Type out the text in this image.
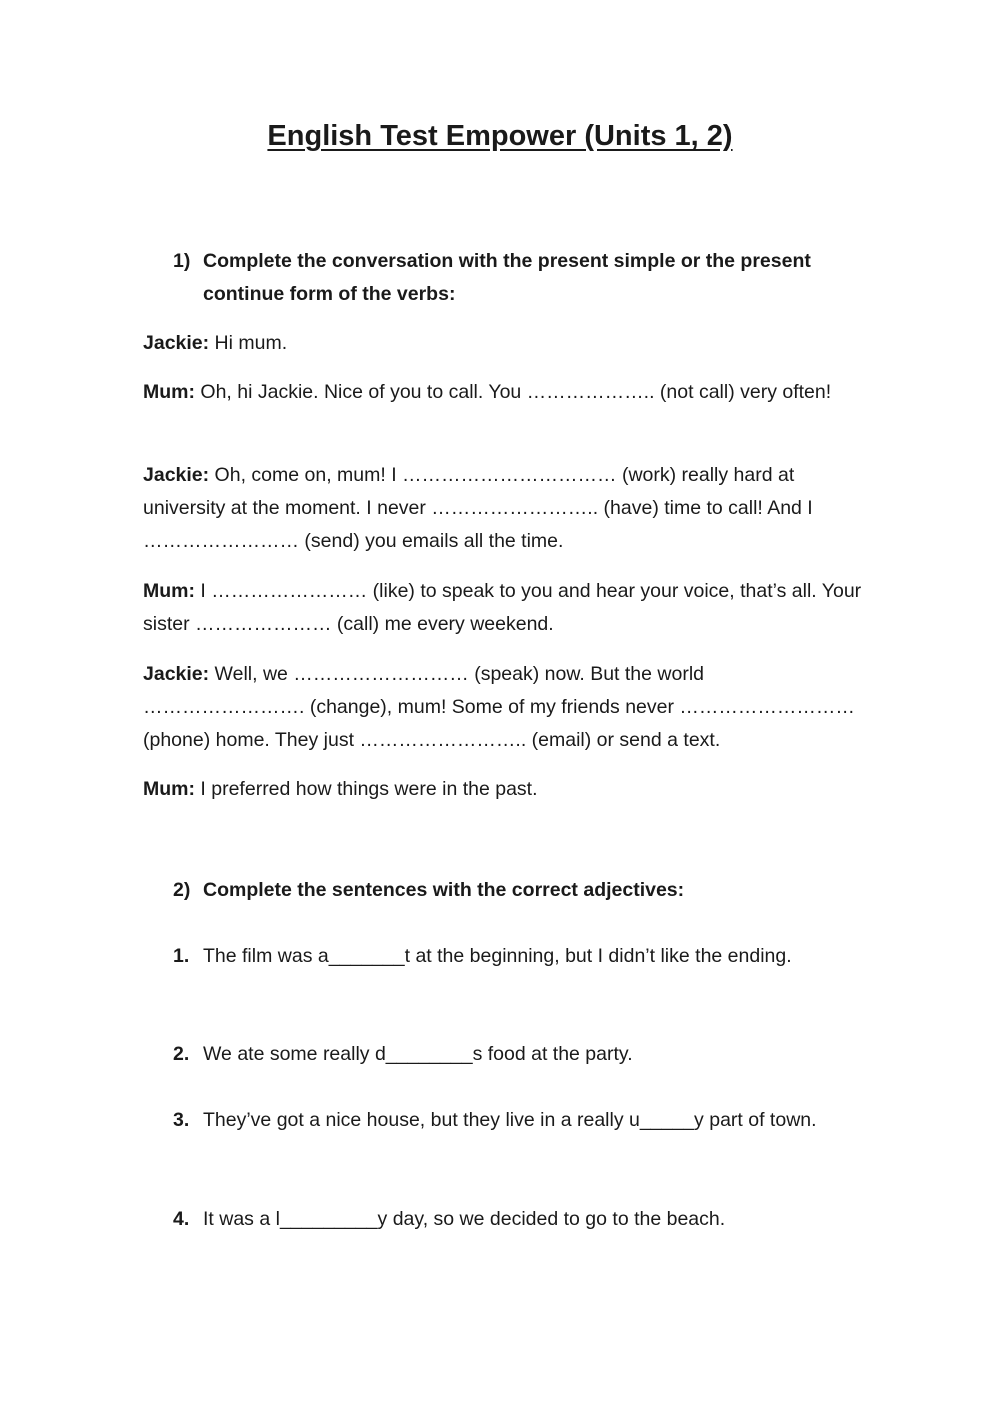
English Test Empower (Units 1, 2)
1) Complete the conversation with the present simple or the present continue form of the verbs:
Jackie: Hi mum.
Mum: Oh, hi Jackie. Nice of you to call. You ……………….. (not call) very often!
Jackie: Oh, come on, mum! I …………………………… (work) really hard at university at the moment. I never …………………….. (have) time to call! And I …………………… (send) you emails all the time.
Mum: I …………………… (like) to speak to you and hear your voice, that’s all. Your sister ………………… (call) me every weekend.
Jackie: Well, we ……………………… (speak) now. But the world ……………………. (change), mum! Some of my friends never ……………………… (phone) home. They just …………………….. (email) or send a text.
Mum: I preferred how things were in the past.
2) Complete the sentences with the correct adjectives:
1. The film was a_______t at the beginning, but I didn’t like the ending.
2. We ate some really d________s food at the party.
3. They’ve got a nice house, but they live in a really u_____y part of town.
4. It was a l_________y day, so we decided to go to the beach.
